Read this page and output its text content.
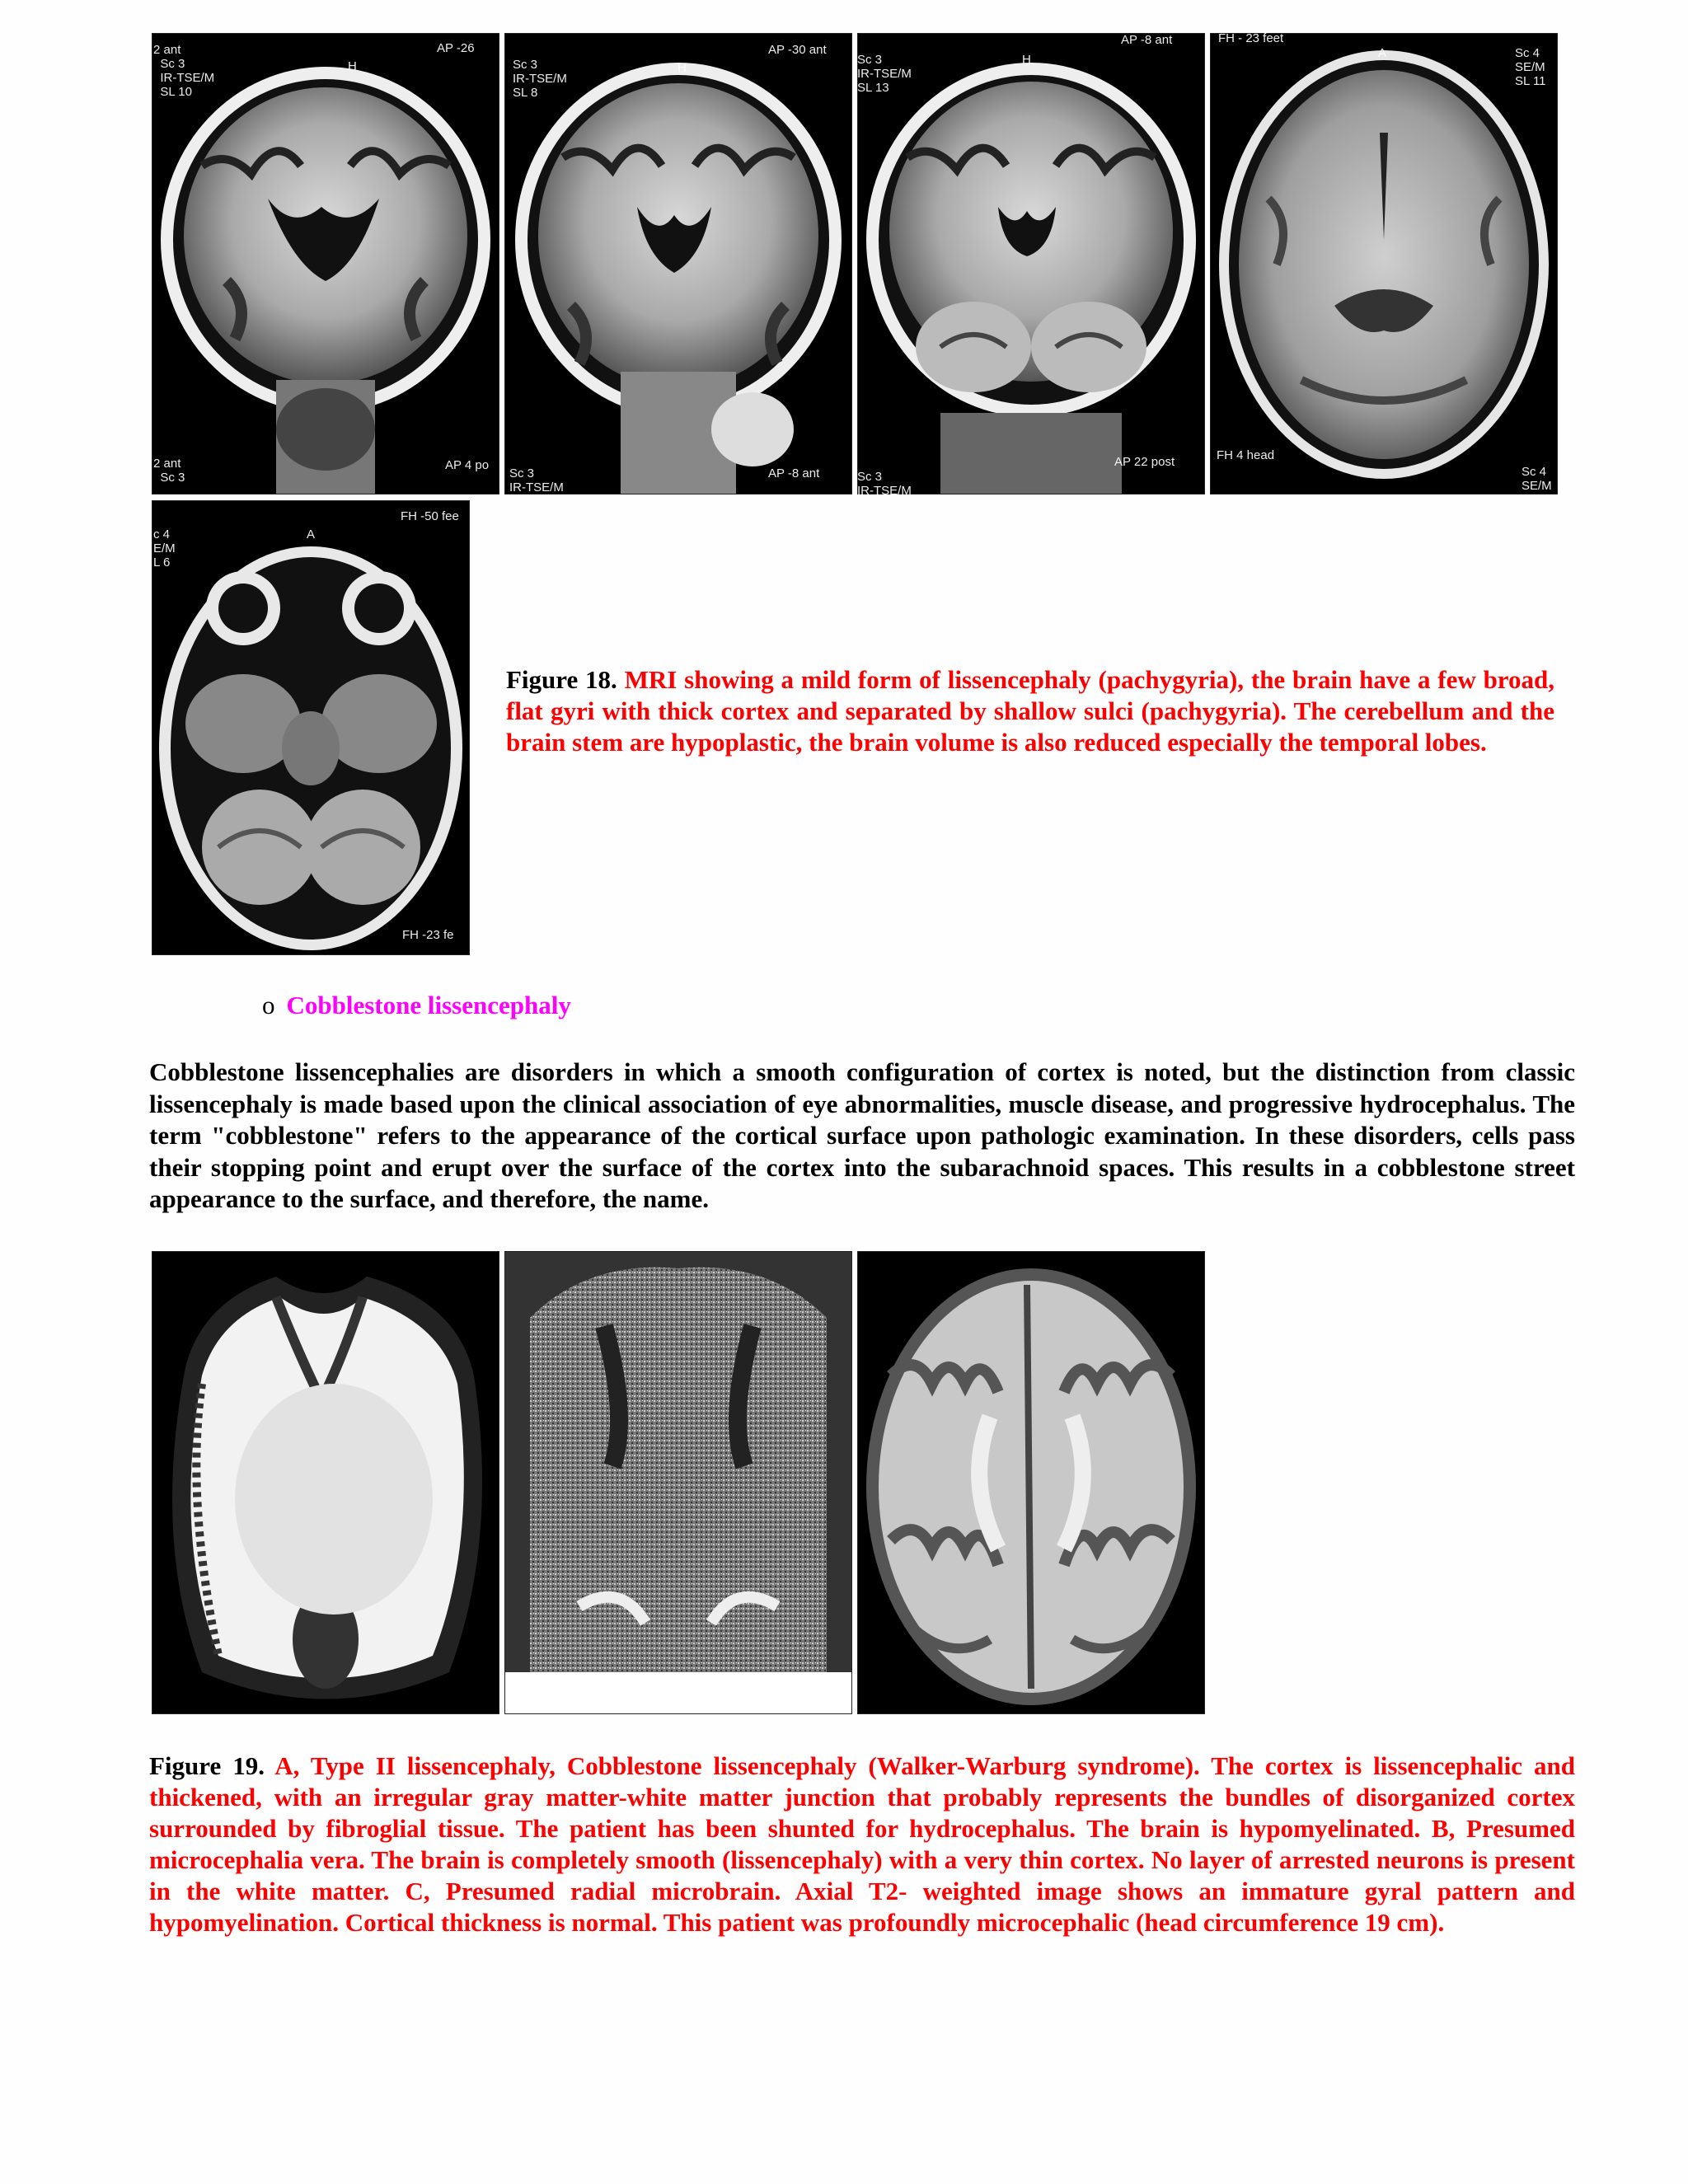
2 ant
Sc 3
IR-TSE/M
SL 10
AP -26
H
2 ant
Sc 3
AP 4 po
Sc 3
IR-TSE/M
SL 8
AP -30 ant
H
Sc 3
IR-TSE/M
AP -8 ant
Sc 3
IR-TSE/M
SL 13
AP -8 ant
H
Sc 3
IR-TSE/M
AP 22 post
FH - 23 feet
Sc 4
SE/M
SL 11
A
FH 4 head
Sc 4
SE/M
c 4
E/M
L 6
FH -50 fee
A
FH -23 fe
Figure 18. MRI showing a mild form of lissencephaly (pachygyria), the brain have a few broad, flat gyri with thick cortex and separated by shallow sulci (pachygyria). The cerebellum and the brain stem are hypoplastic, the brain volume is also reduced especially the temporal lobes.
o Cobblestone lissencephaly
Cobblestone lissencephalies are disorders in which a smooth configuration of cortex is noted, but the distinction from classic lissencephaly is made based upon the clinical association of eye abnormalities, muscle disease, and progressive hydrocephalus. The term "cobblestone" refers to the appearance of the cortical surface upon pathologic examination. In these disorders, cells pass their stopping point and erupt over the surface of the cortex into the subarachnoid spaces. This results in a cobblestone street appearance to the surface, and therefore, the name.
Figure 19. A, Type II lissencephaly, Cobblestone lissencephaly (Walker-Warburg syndrome). The cortex is lissencephalic and thickened, with an irregular gray matter-white matter junction that probably represents the bundles of disorganized cortex surrounded by fibroglial tissue. The patient has been shunted for hydrocephalus. The brain is hypomyelinated. B, Presumed microcephalia vera. The brain is completely smooth (lissencephaly) with a very thin cortex. No layer of arrested neurons is present in the white matter. C, Presumed radial microbrain. Axial T2- weighted image shows an immature gyral pattern and hypomyelination. Cortical thickness is normal. This patient was profoundly microcephalic (head circumference 19 cm).
